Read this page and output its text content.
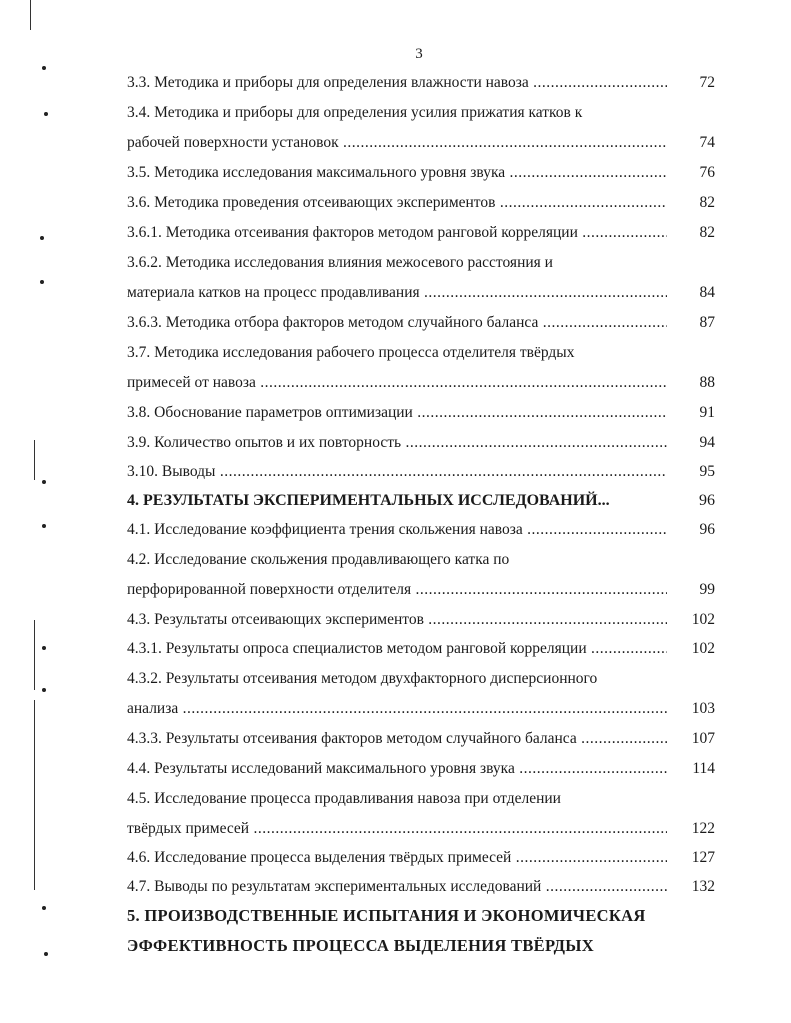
3
3.3. Методика и приборы для определения влажности навоза .....	72
3.4. Методика и приборы для определения усилия прижатия катков к
рабочей поверхности установок .....	74
3.5. Методика исследования максимального уровня звука .....	76
3.6. Методика проведения отсеивающих экспериментов .....	82
3.6.1. Методика отсеивания факторов методом ранговой корреляции .....	82
3.6.2. Методика исследования влияния межосевого расстояния и
материала катков на процесс продавливания .....	84
3.6.3. Методика отбора факторов методом случайного баланса .....	87
3.7. Методика исследования рабочего процесса отделителя твёрдых
примесей от навоза .....	88
3.8. Обоснование параметров оптимизации .....	91
3.9. Количество опытов и их повторность .....	94
3.10. Выводы .....	95
4. РЕЗУЛЬТАТЫ ЭКСПЕРИМЕНТАЛЬНЫХ ИССЛЕДОВАНИЙ...	96
4.1. Исследование коэффициента трения скольжения навоза .....	96
4.2. Исследование скольжения продавливающего катка по
перфорированной поверхности отделителя .....	99
4.3. Результаты отсеивающих экспериментов .....	102
4.3.1. Результаты опроса специалистов методом ранговой корреляции .....	102
4.3.2. Результаты отсеивания методом двухфакторного дисперсионного
анализа .....	103
4.3.3. Результаты отсеивания факторов методом случайного баланса .....	107
4.4. Результаты исследований максимального уровня звука .....	114
4.5. Исследование процесса продавливания навоза при отделении
твёрдых примесей .....	122
4.6. Исследование процесса выделения твёрдых примесей .....	127
4.7. Выводы по результатам экспериментальных исследований .....	132
5. ПРОИЗВОДСТВЕННЫЕ ИСПЫТАНИЯ И ЭКОНОМИЧЕСКАЯ
ЭФФЕКТИВНОСТЬ ПРОЦЕССА ВЫДЕЛЕНИЯ ТВЁРДЫХ
